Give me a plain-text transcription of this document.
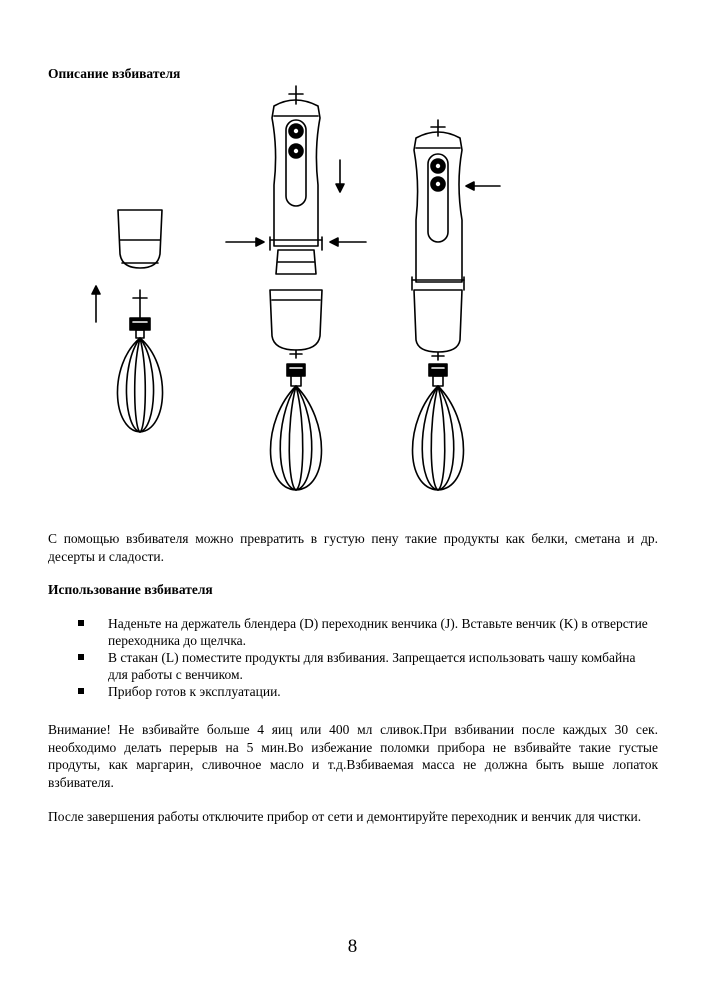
Описание взбивателя
С помощью взбивателя можно превратить в густую пену такие продукты как белки, сметана и др. десерты и сладости.
Использование взбивателя
Наденьте на держатель блендера (D) переходник венчика (J). Вставьте венчик (K) в отверстие переходника до щелчка.
В стакан (L) поместите продукты для взбивания. Запрещается использовать чашу комбайна для работы с венчиком.
Прибор готов к эксплуатации.
Внимание! Не взбивайте больше 4 яиц или 400 мл сливок.При взбивании после каждых 30 сек. необходимо делать перерыв на 5 мин.Во избежание поломки прибора не взбивайте такие густые продуты, как маргарин, сливочное масло и т.д.Взбиваемая масса не должна быть выше лопаток взбивателя.
После завершения работы отключите прибор от сети и демонтируйте переходник и венчик для чистки.
8
